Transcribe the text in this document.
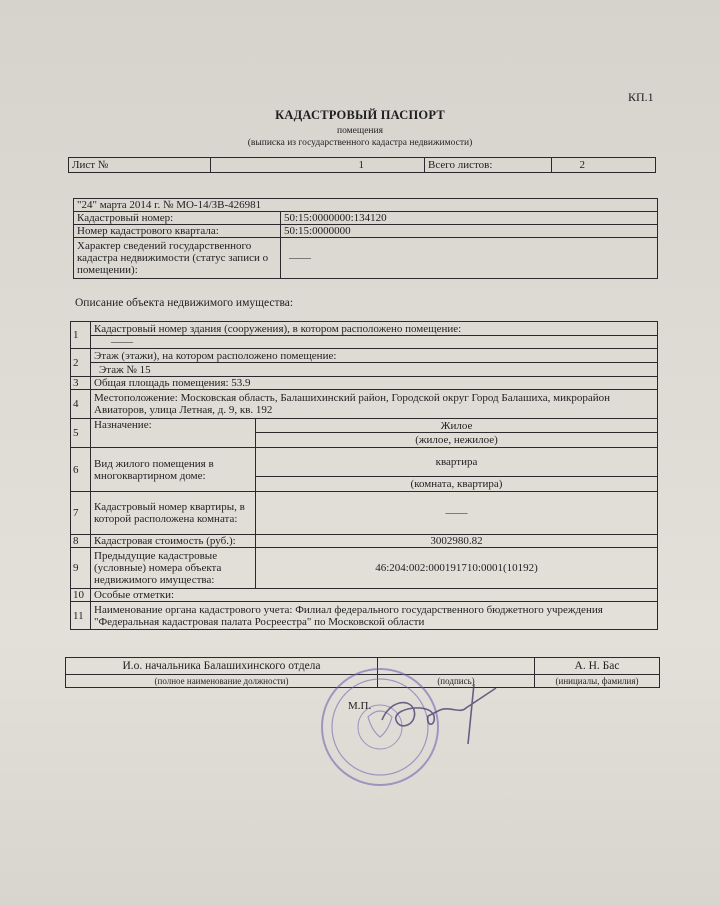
КП.1
КАДАСТРОВЫЙ ПАСПОРТ
помещения
(выписка из государственного кадастра недвижимости)
Лист №	1	Всего листов:	2
"24" марта 2014 г. № МО-14/ЗВ-426981	
Кадастровый номер:	50:15:0000000:134120
Номер кадастрового квартала:	50:15:0000000
Характер сведений государственного кадастра недвижимости (статус записи о помещении):	——
Описание объекта недвижимого имущества:
1	Кадастровый номер здания (сооружения), в котором расположено помещение:	
	——	
2	Этаж (этажи), на котором расположено помещение:	
	Этаж № 15	
3	Общая площадь помещения: 53.9	
4	Местоположение: Московская область, Балашихинский район, Городской округ Город Балашиха, микрорайон Авиаторов, улица Летная, д. 9, кв. 192	
5	Назначение:	Жилое
		(жилое, нежилое)
6	Вид жилого помещения в многоквартирном доме:	квартира
		(комната, квартира)
7	Кадастровый номер квартиры, в которой расположена комната:	——
8	Кадастровая стоимость (руб.):	3002980.82
9	Предыдущие кадастровые (условные) номера объекта недвижимого имущества:	46:204:002:000191710:0001(10192)
10	Особые отметки:	
11	Наименование органа кадастрового учета: Филиал федерального государственного бюджетного учреждения "Федеральная кадастровая палата Росреестра" по Московской области	
И.о. начальника Балашихинского отдела		А. Н. Бас
(полное наименование должности)	(подпись)	(инициалы, фамилия)
М.П.
